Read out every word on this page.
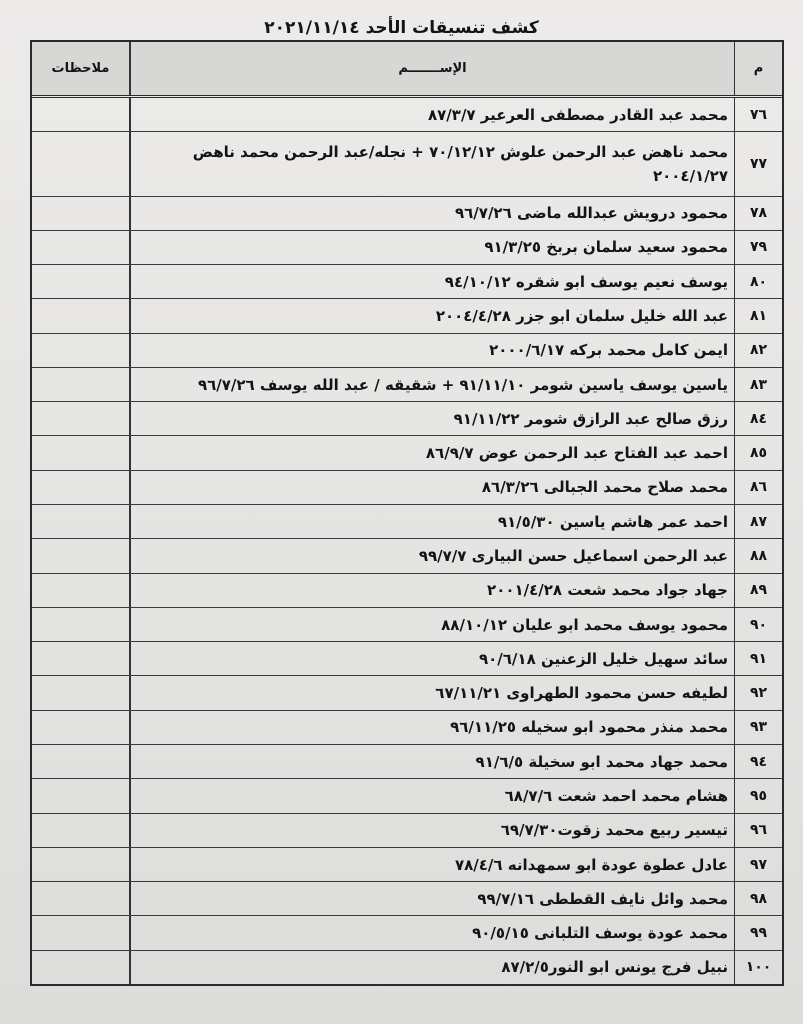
كشف تنسيقات الأحد ٢٠٢١/١١/١٤
م
الإســـــــم
ملاحظات
٧٦
محمد عبد القادر مصطفى العرعير ٨٧/٣/٧
٧٧
محمد ناهض عبد الرحمن علوش ٧٠/١٢/١٢ + نجله/عبد الرحمن محمد ناهض ٢٠٠٤/١/٢٧
٧٨
محمود درويش عبدالله ماضى ٩٦/٧/٢٦
٧٩
محمود سعيد سلمان بربخ ٩١/٣/٢٥
٨٠
يوسف نعيم يوسف ابو شقره ٩٤/١٠/١٢
٨١
عبد الله خليل سلمان ابو جزر ٢٠٠٤/٤/٢٨
٨٢
ايمن كامل محمد بركه ٢٠٠٠/٦/١٧
٨٣
ياسين يوسف ياسين شومر ٩١/١١/١٠ + شقيقه / عبد الله يوسف ٩٦/٧/٢٦
٨٤
رزق صالح عبد الرازق شومر ٩١/١١/٢٢
٨٥
احمد عبد الفتاح عبد الرحمن عوض ٨٦/٩/٧
٨٦
محمد صلاح محمد الجبالى ٨٦/٣/٢٦
٨٧
احمد عمر هاشم ياسين ٩١/٥/٣٠
٨٨
عبد الرحمن اسماعيل حسن البيارى ٩٩/٧/٧
٨٩
جهاد جواد محمد شعت ٢٠٠١/٤/٢٨
٩٠
محمود يوسف محمد ابو عليان ٨٨/١٠/١٢
٩١
سائد سهيل خليل الزعنين ٩٠/٦/١٨
٩٢
لطيفه حسن محمود الطهراوى ٦٧/١١/٢١
٩٣
محمد منذر محمود ابو سخيله ٩٦/١١/٢٥
٩٤
محمد جهاد محمد ابو سخيلة ٩١/٦/٥
٩٥
هشام محمد احمد شعت ٦٨/٧/٦
٩٦
تيسير ربيع محمد زقوت٦٩/٧/٣٠
٩٧
عادل عطوة عودة ابو سمهدانه ٧٨/٤/٦
٩٨
محمد وائل نايف القططى ٩٩/٧/١٦
٩٩
محمد عودة يوسف التلبانى ٩٠/٥/١٥
١٠٠
نبيل فرج يونس ابو النور٨٧/٢/٥
